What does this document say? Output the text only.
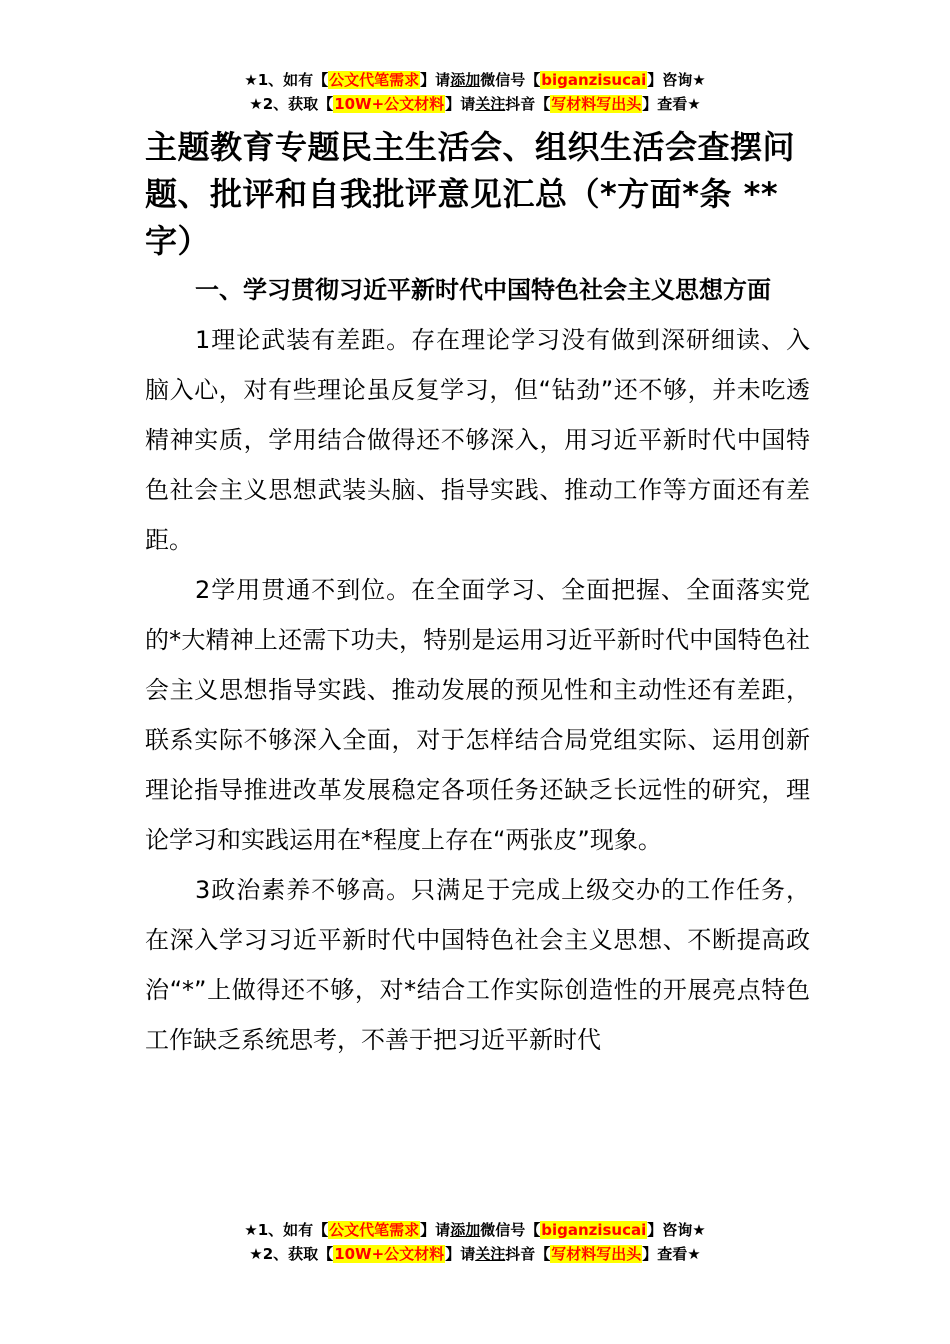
★1、如有【公文代笔需求】请添加微信号【biganzisucai】咨询★
★2、获取【10W+公文材料】请关注抖音【写材料写出头】查看★
主题教育专题民主生活会、组织生活会查摆问题、批评和自我批评意见汇总（*方面*条 **字）

一、学习贯彻习近平新时代中国特色社会主义思想方面

1理论武装有差距。存在理论学习没有做到深研细读、入脑入心，对有些理论虽反复学习，但“钻劲”还不够，并未吃透精神实质，学用结合做得还不够深入，用习近平新时代中国特色社会主义思想武装头脑、指导实践、推动工作等方面还有差距。

2学用贯通不到位。在全面学习、全面把握、全面落实党的*大精神上还需下功夫，特别是运用习近平新时代中国特色社会主义思想指导实践、推动发展的预见性和主动性还有差距，联系实际不够深入全面，对于怎样结合局党组实际、运用创新理论指导推进改革发展稳定各项任务还缺乏长远性的研究，理论学习和实践运用在*程度上存在“两张皮”现象。

3政治素养不够高。只满足于完成上级交办的工作任务，在深入学习习近平新时代中国特色社会主义思想、不断提高政治“*”上做得还不够，对*结合工作实际创造性的开展亮点特色工作缺乏系统思考，不善于把习近平新时代

★1、如有【公文代笔需求】请添加微信号【biganzisucai】咨询★
★2、获取【10W+公文材料】请关注抖音【写材料写出头】查看★
